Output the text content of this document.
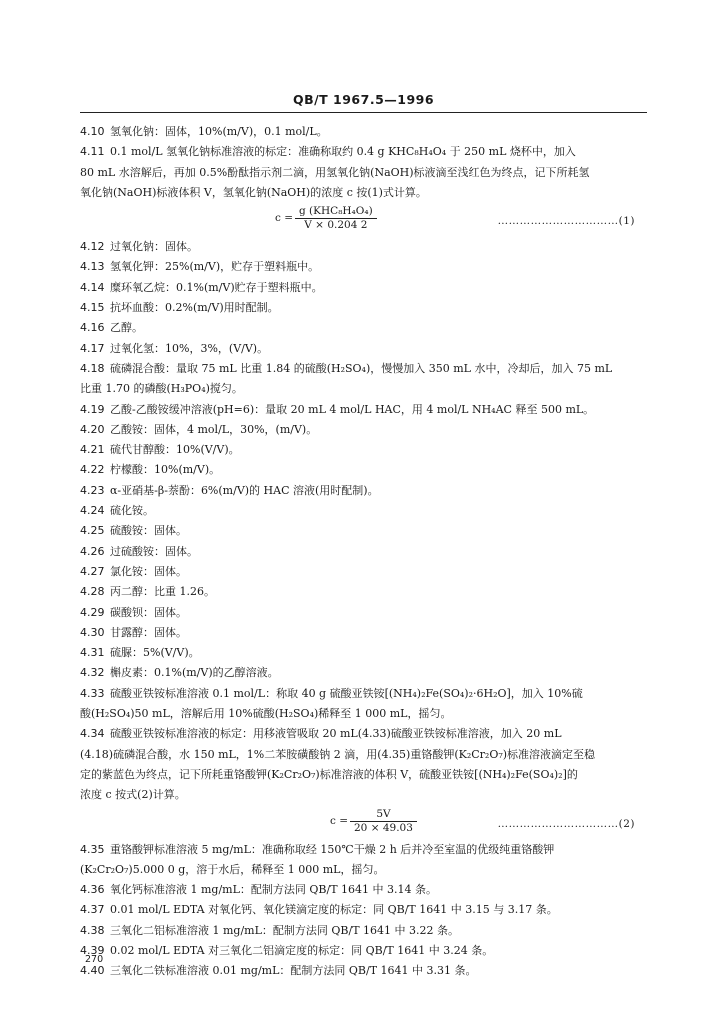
QB/T 1967.5—1996

4.10 氢氧化钠：固体，10%(m/V)，0.1 mol/L。

4.11 0.1 mol/L 氢氧化钠标准溶液的标定：准确称取约 0.4 g KHC₈H₄O₄ 于 250 mL 烧杯中，加入

80 mL 水溶解后，再加 0.5%酚酞指示剂二滴，用氢氧化钠(NaOH)标液滴至浅红色为终点，记下所耗氢

氧化钠(NaOH)标液体积 V，氢氧化钠(NaOH)的浓度 c 按(1)式计算。

c =
g (KHC₈H₄O₄)
V × 0.204 2	……………………………(1)

4.12 过氧化钠：固体。

4.13 氢氧化钾：25%(m/V)，贮存于塑料瓶中。

4.14 糜环氧乙烷：0.1%(m/V)贮存于塑料瓶中。

4.15 抗坏血酸：0.2%(m/V)用时配制。

4.16 乙醇。

4.17 过氧化氢：10%，3%，(V/V)。

4.18 硫磷混合酸：量取 75 mL 比重 1.84 的硫酸(H₂SO₄)，慢慢加入 350 mL 水中，冷却后，加入 75 mL

比重 1.70 的磷酸(H₃PO₄)搅匀。

4.19 乙酸-乙酸铵缓冲溶液(pH=6)：量取 20 mL 4 mol/L HAC，用 4 mol/L NH₄AC 释至 500 mL。

4.20 乙酸铵：固体，4 mol/L，30%，(m/V)。

4.21 硫代甘醇酸：10%(V/V)。

4.22 柠檬酸：10%(m/V)。

4.23 α-亚硝基-β-萘酚：6%(m/V)的 HAC 溶液(用时配制)。

4.24 硫化铵。

4.25 硫酸铵：固体。

4.26 过硫酸铵：固体。

4.27 氯化铵：固体。

4.28 丙二醇：比重 1.26。

4.29 碳酸钡：固体。

4.30 甘露醇：固体。

4.31 硫脲：5%(V/V)。

4.32 槲皮素：0.1%(m/V)的乙醇溶液。

4.33 硫酸亚铁铵标准溶液 0.1 mol/L：称取 40 g 硫酸亚铁铵[(NH₄)₂Fe(SO₄)₂·6H₂O]，加入 10%硫

酸(H₂SO₄)50 mL，溶解后用 10%硫酸(H₂SO₄)稀释至 1 000 mL，摇匀。

4.34 硫酸亚铁铵标准溶液的标定：用移液管吸取 20 mL(4.33)硫酸亚铁铵标准溶液，加入 20 mL

(4.18)硫磷混合酸，水 150 mL，1%二苯胺磺酸钠 2 滴，用(4.35)重铬酸钾(K₂Cr₂O₇)标准溶液滴定至稳

定的紫蓝色为终点，记下所耗重铬酸钾(K₂Cr₂O₇)标准溶液的体积 V，硫酸亚铁铵[(NH₄)₂Fe(SO₄)₂]的

浓度 c 按式(2)计算。

c =
5V
20 × 49.03	……………………………(2)

4.35 重铬酸钾标准溶液 5 mg/mL：准确称取经 150℃干燥 2 h 后并冷至室温的优级纯重铬酸钾

(K₂Cr₂O₇)5.000 0 g，溶于水后，稀释至 1 000 mL，摇匀。

4.36 氧化钙标准溶液 1 mg/mL：配制方法同 QB/T 1641 中 3.14 条。

4.37 0.01 mol/L EDTA 对氧化钙、氧化镁滴定度的标定：同 QB/T 1641 中 3.15 与 3.17 条。

4.38 三氧化二铝标准溶液 1 mg/mL：配制方法同 QB/T 1641 中 3.22 条。

4.39 0.02 mol/L EDTA 对三氧化二铝滴定度的标定：同 QB/T 1641 中 3.24 条。

4.40 三氧化二铁标准溶液 0.01 mg/mL：配制方法同 QB/T 1641 中 3.31 条。

270
